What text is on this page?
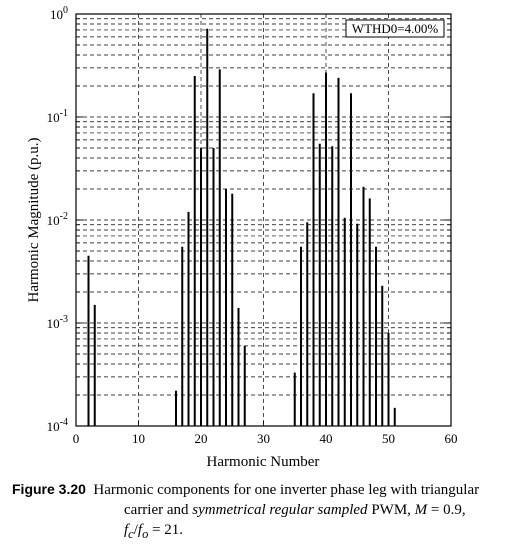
0	10	20	30	40	50	60
$10^{-4}$
$10^{-3}$
$10^{-2}$
$10^{-1}$
$10^0$
WTHD0=4.00%
Harmonic Number
Harmonic Magnitude (p.u.)
Figure 3.20 Harmonic components for one inverter phase leg with triangular
carrier and symmetrical regular sampled PWM, M = 0.9,
$f_c/f_o = 21$.
